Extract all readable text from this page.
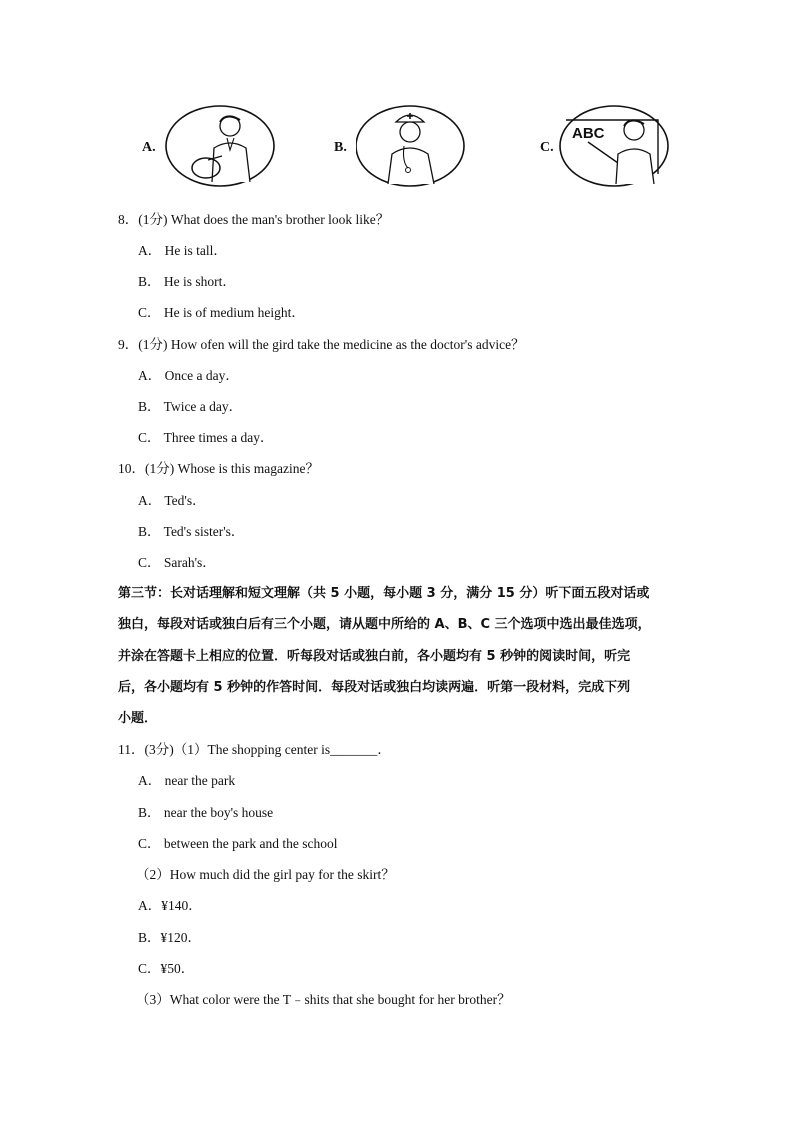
A.	B.	C.
ABC
8．(1分) What does the man's brother look like？
A． He is tall．
B． He is short．
C． He is of medium height．
9．(1分) How ofen will the gird take the medicine as the doctor's advice？
A． Once a day．
B． Twice a day．
C． Three times a day．
10．(1分) Whose is this magazine？
A． Ted's．
B． Ted's sister's．
C． Sarah's．
第三节：长对话理解和短文理解（共 5 小题，每小题 3 分，满分 15 分）听下面五段对话或
独白，每段对话或独白后有三个小题，请从题中所给的 A、B、C 三个选项中选出最佳选项，
并涂在答题卡上相应的位置．听每段对话或独白前，各小题均有 5 秒钟的阅读时间，听完
后，各小题均有 5 秒钟的作答时间．每段对话或独白均读两遍．听第一段材料，完成下列
小题．
11．(3分)（1）The shopping center is_______．
A． near the park
B． near the boy's house
C． between the park and the school
（2）How much did the girl pay for the skirt？
A．¥140．
B．¥120．
C．¥50．
（3）What color were the T﹣shits that she bought for her brother？
